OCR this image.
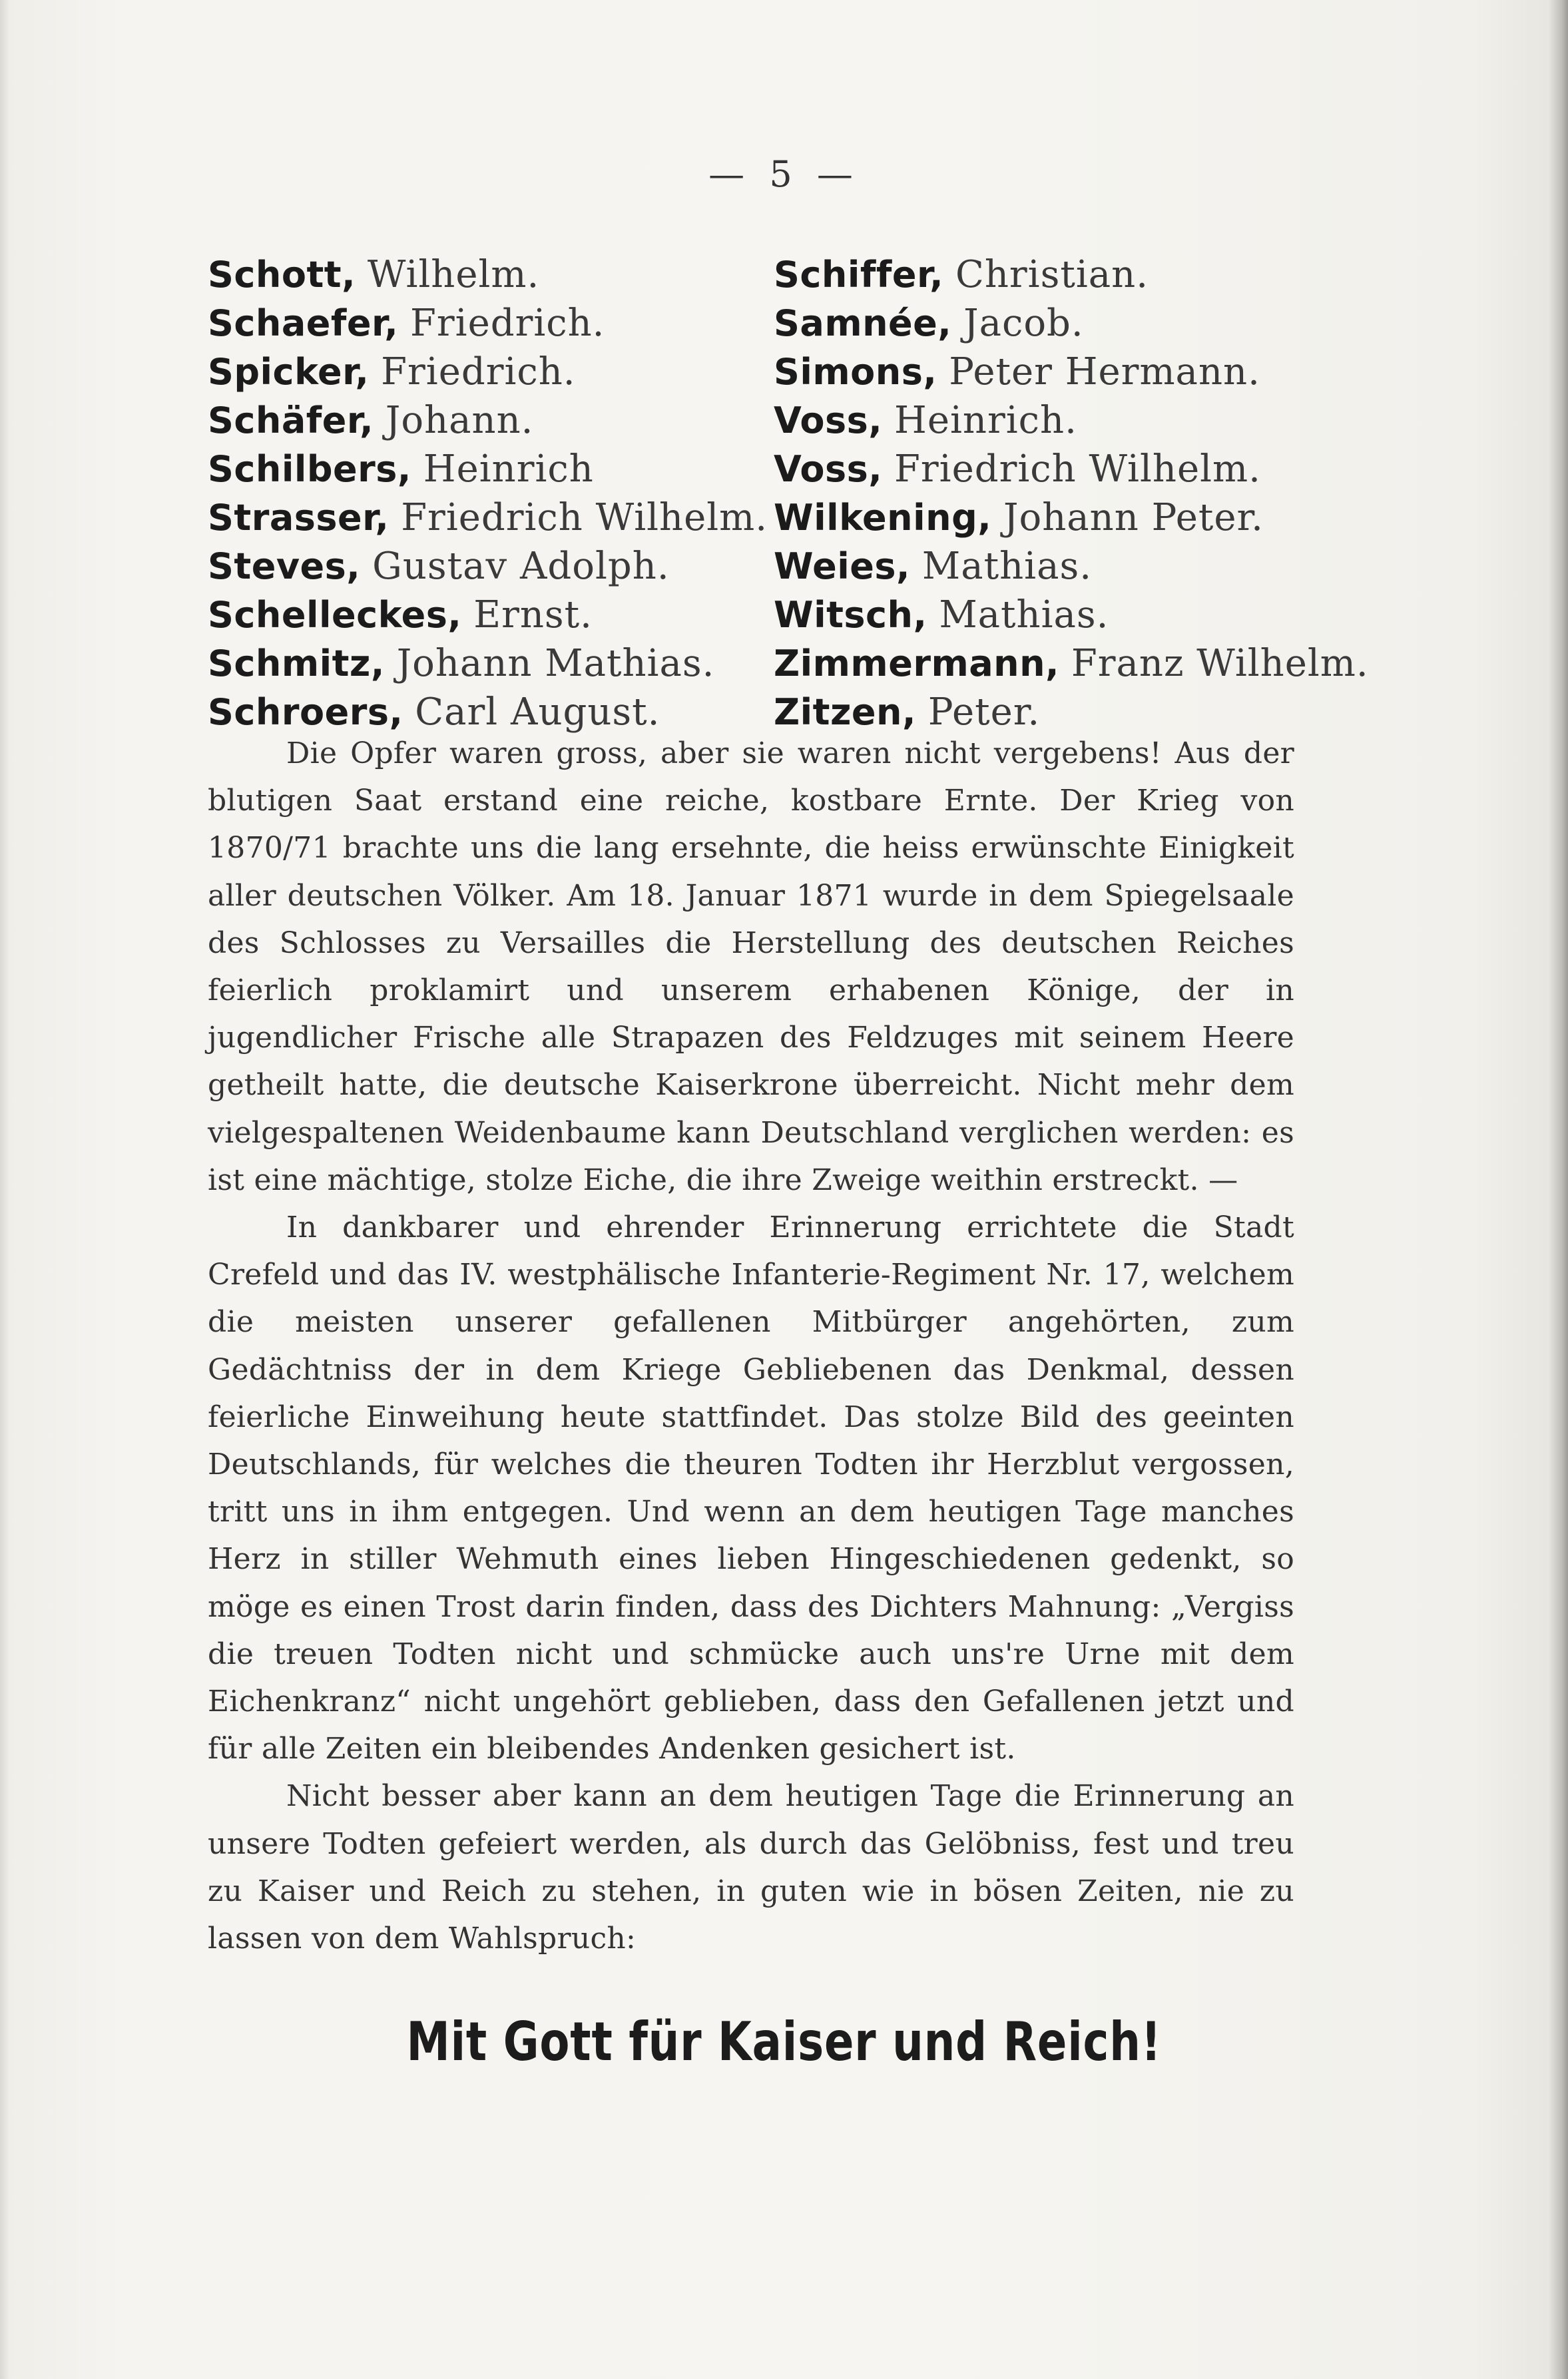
— 5 —
Schott, Wilhelm.
Schaefer, Friedrich.
Spicker, Friedrich.
Schäfer, Johann.
Schilbers, Heinrich
Strasser, Friedrich Wilhelm.
Steves, Gustav Adolph.
Schelleckes, Ernst.
Schmitz, Johann Mathias.
Schroers, Carl August.
Schiffer, Christian.
Samnée, Jacob.
Simons, Peter Hermann.
Voss, Heinrich.
Voss, Friedrich Wilhelm.
Wilkening, Johann Peter.
Weies, Mathias.
Witsch, Mathias.
Zimmermann, Franz Wilhelm.
Zitzen, Peter.

Die Opfer waren gross, aber sie waren nicht vergebens! Aus der blutigen Saat erstand eine reiche, kostbare Ernte. Der Krieg von 1870/71 brachte uns die lang ersehnte, die heiss erwünschte Einigkeit aller deutschen Völker. Am 18. Januar 1871 wurde in dem Spiegelsaale des Schlosses zu Versailles die Herstellung des deutschen Reiches feierlich proklamirt und unserem erhabenen Könige, der in jugendlicher Frische alle Strapazen des Feldzuges mit seinem Heere getheilt hatte, die deutsche Kaiserkrone überreicht. Nicht mehr dem vielgespaltenen Weidenbaume kann Deutschland verglichen werden: es ist eine mächtige, stolze Eiche, die ihre Zweige weithin erstreckt. —

In dankbarer und ehrender Erinnerung errichtete die Stadt Crefeld und das IV. westphälische Infanterie-Regiment Nr. 17, welchem die meisten unserer gefallenen Mitbürger angehörten, zum Gedächtniss der in dem Kriege Gebliebenen das Denkmal, dessen feierliche Einweihung heute stattfindet. Das stolze Bild des geeinten Deutschlands, für welches die theuren Todten ihr Herzblut vergossen, tritt uns in ihm entgegen. Und wenn an dem heutigen Tage manches Herz in stiller Wehmuth eines lieben Hingeschiedenen gedenkt, so möge es einen Trost darin finden, dass des Dichters Mahnung: „Vergiss die treuen Todten nicht und schmücke auch uns're Urne mit dem Eichenkranz“ nicht ungehört geblieben, dass den Gefallenen jetzt und für alle Zeiten ein bleibendes Andenken gesichert ist.

Nicht besser aber kann an dem heutigen Tage die Erinnerung an unsere Todten gefeiert werden, als durch das Gelöbniss, fest und treu zu Kaiser und Reich zu stehen, in guten wie in bösen Zeiten, nie zu lassen von dem Wahlspruch:

Mit Gott für Kaiser und Reich!
